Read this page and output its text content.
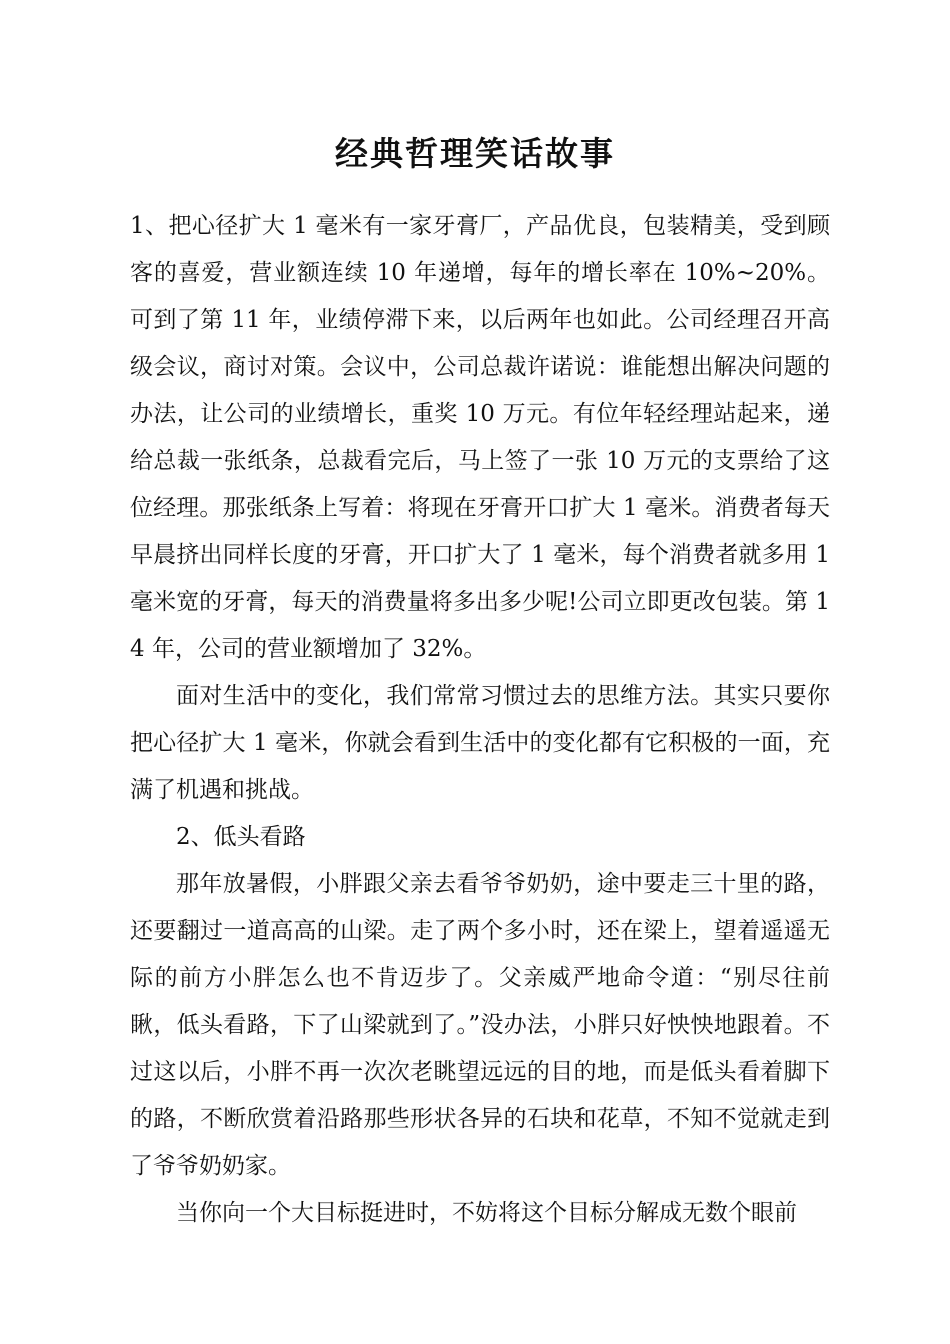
经典哲理笑话故事

1、把心径扩大 1 毫米有一家牙膏厂，产品优良，包装精美，受到顾客的喜爱，营业额连续 10 年递增，每年的增长率在 10%~20%。可到了第 11 年，业绩停滞下来，以后两年也如此。公司经理召开高级会议，商讨对策。会议中，公司总裁许诺说：谁能想出解决问题的办法，让公司的业绩增长，重奖 10 万元。有位年轻经理站起来，递给总裁一张纸条，总裁看完后，马上签了一张 10 万元的支票给了这位经理。那张纸条上写着：将现在牙膏开口扩大 1 毫米。消费者每天早晨挤出同样长度的牙膏，开口扩大了 1 毫米，每个消费者就多用 1 毫米宽的牙膏，每天的消费量将多出多少呢!公司立即更改包装。第 14 年，公司的营业额增加了 32%。

面对生活中的变化，我们常常习惯过去的思维方法。其实只要你把心径扩大 1 毫米，你就会看到生活中的变化都有它积极的一面，充满了机遇和挑战。

2、低头看路

那年放暑假，小胖跟父亲去看爷爷奶奶，途中要走三十里的路，还要翻过一道高高的山梁。走了两个多小时，还在梁上，望着遥遥无际的前方小胖怎么也不肯迈步了。父亲威严地命令道：“别尽往前瞅，低头看路，下了山梁就到了。”没办法，小胖只好怏怏地跟着。不过这以后，小胖不再一次次老眺望远远的目的地，而是低头看着脚下的路，不断欣赏着沿路那些形状各异的石块和花草，不知不觉就走到了爷爷奶奶家。

当你向一个大目标挺进时，不妨将这个目标分解成无数个眼前
